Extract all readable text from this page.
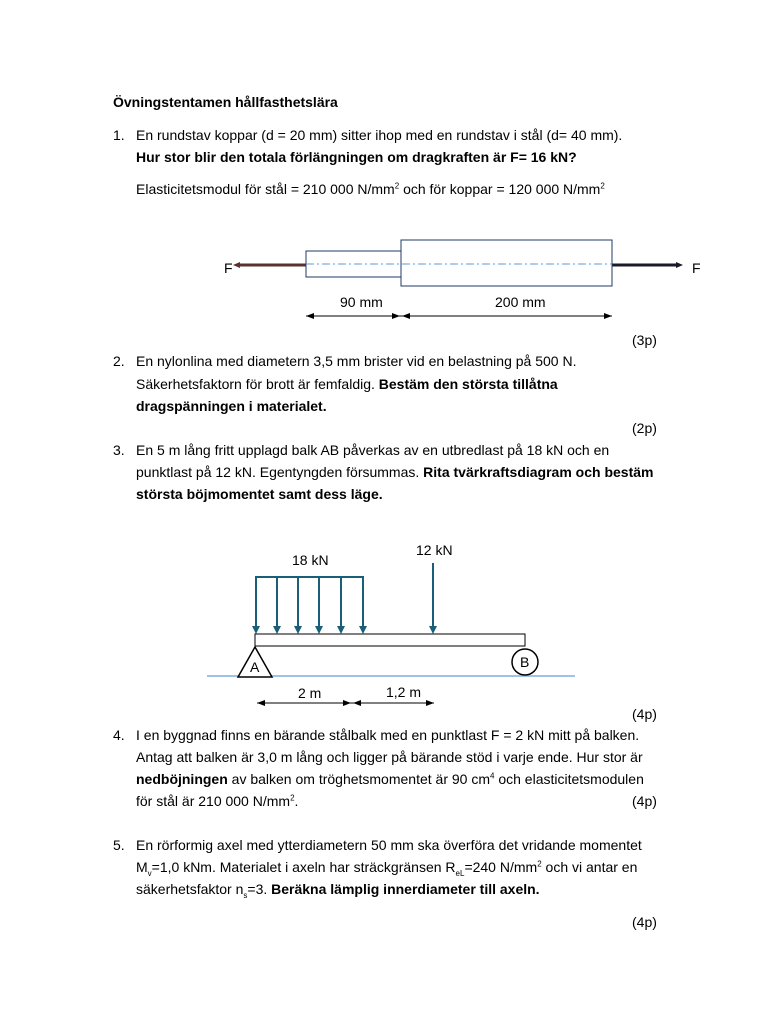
Övningstentamen hållfasthetslära
1. En rundstav koppar (d = 20 mm) sitter ihop med en rundstav i stål (d= 40 mm).
Hur stor blir den totala förlängningen om dragkraften är F= 16 kN?
Elasticitetsmodul för stål = 210 000 $N/mm^2$ och för koppar = 120 000 $N/mm^2$
F	F
90 mm	200 mm
18 kN
12 kN
A	B
2 m	1,2 m
(3p)
2. En nylonlina med diametern 3,5 mm brister vid en belastning på 500 N.
Säkerhetsfaktorn för brott är femfaldig. Bestäm den största tillåtna
dragspänningen i materialet.
(2p)
3. En 5 m lång fritt upplagd balk AB påverkas av en utbredlast på 18 kN och en
punktlast på 12 kN. Egentyngden försummas. Rita tvärkraftsdiagram och bestäm
största böjmomentet samt dess läge.
(4p)
4. I en byggnad finns en bärande stålbalk med en punktlast F = 2 kN mitt på balken.
Antag att balken är 3,0 m lång och ligger på bärande stöd i varje ende. Hur stor är
nedböjningen av balken om tröghetsmomentet är 90 $cm^4$ och elasticitetsmodulen
för stål är 210 000 $N/mm^2$.	(4p)
5. En rörformig axel med ytterdiametern 50 mm ska överföra det vridande momentet
$M_v=1,0$ kNm. Materialet i axeln har sträckgränsen $R_{eL}=240$ $N/mm^2$ och vi antar en
säkerhetsfaktor $n_s=3$. Beräkna lämplig innerdiameter till axeln.
(4p)
